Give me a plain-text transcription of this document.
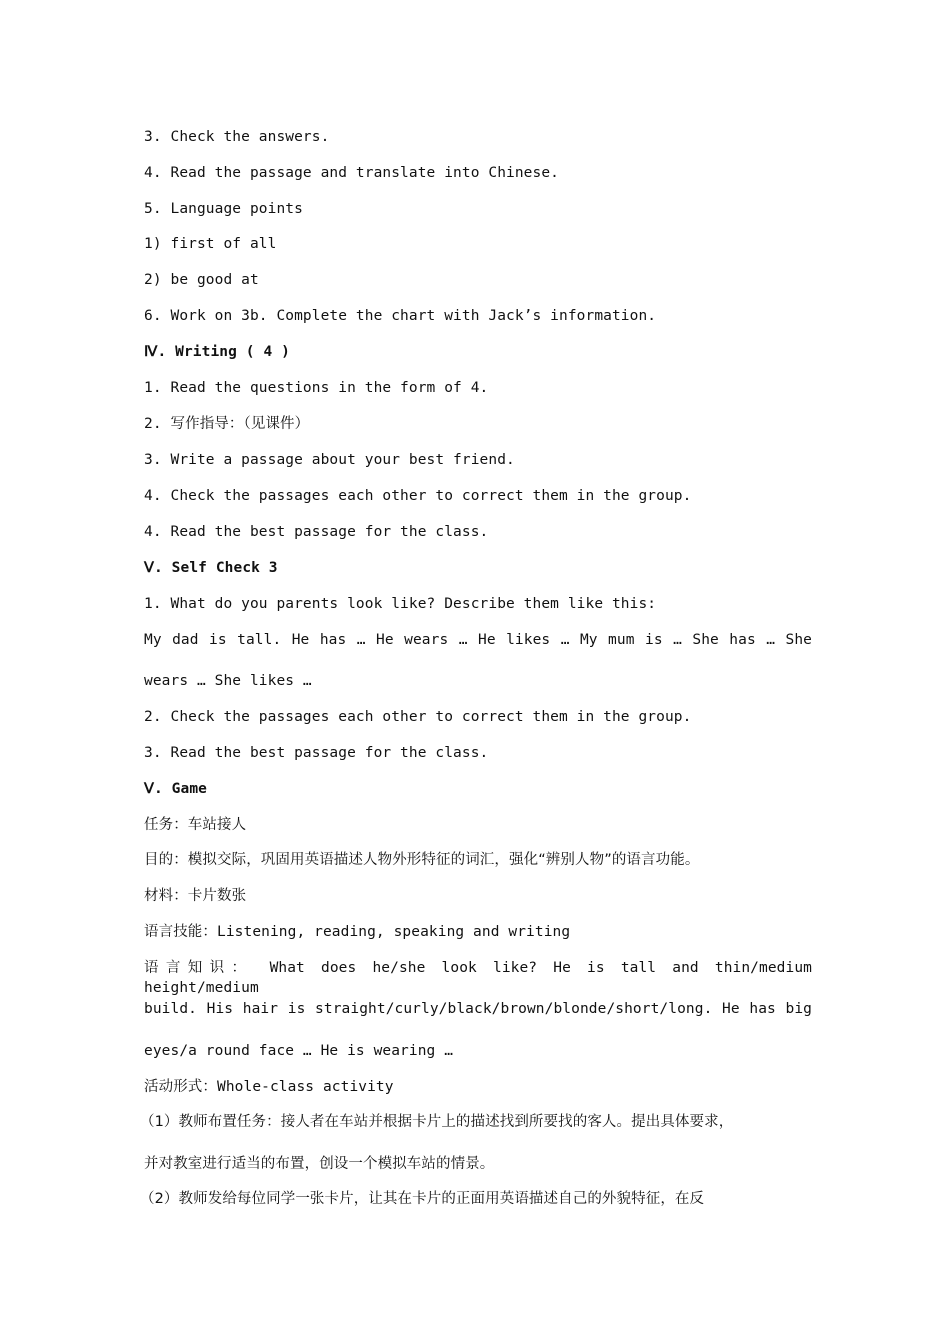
3. Check the answers.
4. Read the passage and translate into Chinese.
5. Language points
1) first of all
2) be good at
6. Work on 3b. Complete the chart with Jack’s information.
Ⅳ. Writing ( 4 )
1. Read the questions in the form of 4.
2. 写作指导：（见课件）
3. Write a passage about your best friend.
4. Check the passages each other to correct them in the group.
4. Read the best passage for the class.
Ⅴ. Self Check 3
1. What do you parents look like? Describe them like this:
My dad is tall. He has … He wears … He likes … My mum is … She has … She
wears … She likes …
2. Check the passages each other to correct them in the group.
3. Read the best passage for the class.
Ⅴ. Game
任务：车站接人
目的：模拟交际，巩固用英语描述人物外形特征的词汇，强化“辨别人物”的语言功能。
材料：卡片数张
语言技能：Listening, reading, speaking and writing
语言知识： What does he/she look like? He is tall and thin/medium height/medium
build. His hair is straight/curly/black/brown/blonde/short/long. He has big
eyes/a round face … He is wearing …
活动形式：Whole-class activity
（1）教师布置任务：接人者在车站并根据卡片上的描述找到所要找的客人。提出具体要求，
并对教室进行适当的布置，创设一个模拟车站的情景。
（2）教师发给每位同学一张卡片，让其在卡片的正面用英语描述自己的外貌特征，在反
